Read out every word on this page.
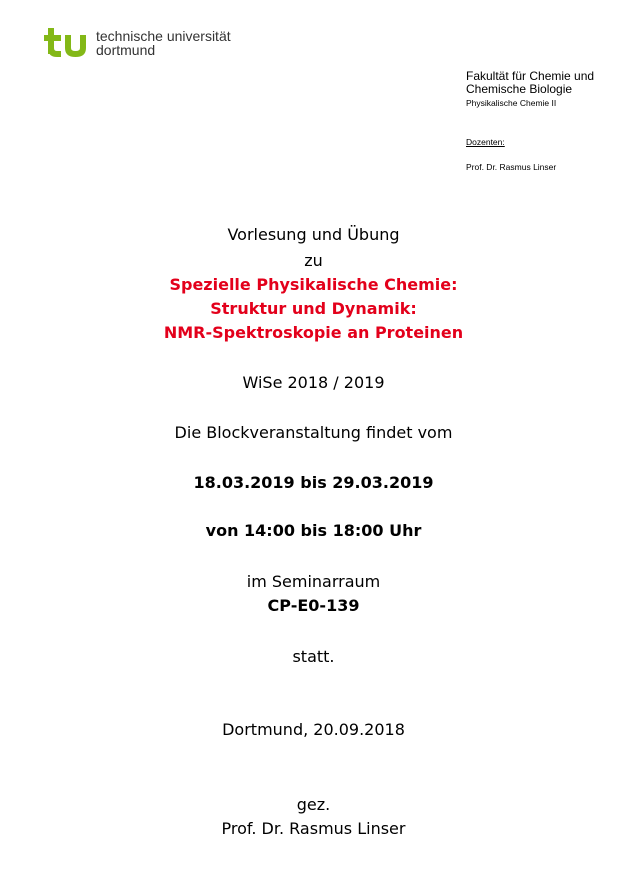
technische universität
dortmund
Fakultät für Chemie und
Chemische Biologie
Physikalische Chemie II
Dozenten:
Prof. Dr. Rasmus Linser
Vorlesung und Übung
zu
Spezielle Physikalische Chemie:
Struktur und Dynamik:
NMR-Spektroskopie an Proteinen
WiSe 2018 / 2019
Die Blockveranstaltung findet vom
18.03.2019 bis 29.03.2019
von 14:00 bis 18:00 Uhr
im Seminarraum
CP-E0-139
statt.
Dortmund, 20.09.2018
gez.
Prof. Dr. Rasmus Linser
